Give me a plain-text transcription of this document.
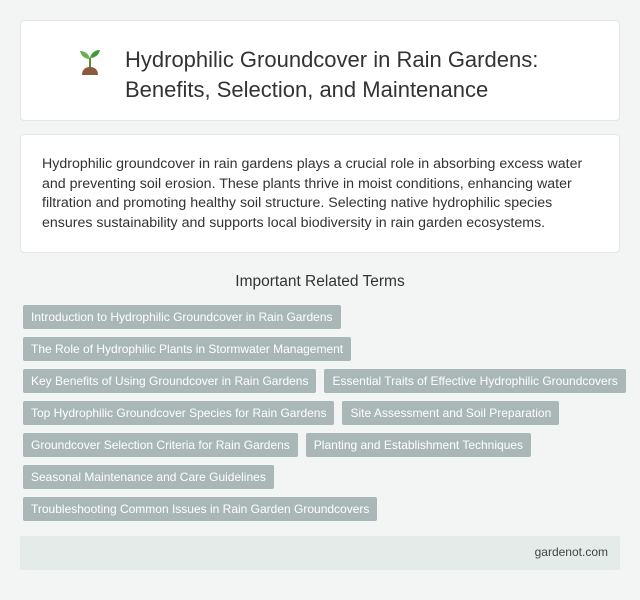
Hydrophilic Groundcover in Rain Gardens: Benefits, Selection, and Maintenance

Hydrophilic groundcover in rain gardens plays a crucial role in absorbing excess water and preventing soil erosion. These plants thrive in moist conditions, enhancing water filtration and promoting healthy soil structure. Selecting native hydrophilic species ensures sustainability and supports local biodiversity in rain garden ecosystems.

Important Related Terms
Introduction to Hydrophilic Groundcover in Rain Gardens
The Role of Hydrophilic Plants in Stormwater Management
Key Benefits of Using Groundcover in Rain Gardens	Essential Traits of Effective Hydrophilic Groundcovers
Top Hydrophilic Groundcover Species for Rain Gardens	Site Assessment and Soil Preparation
Groundcover Selection Criteria for Rain Gardens	Planting and Establishment Techniques
Seasonal Maintenance and Care Guidelines
Troubleshooting Common Issues in Rain Garden Groundcovers
gardenot.com
